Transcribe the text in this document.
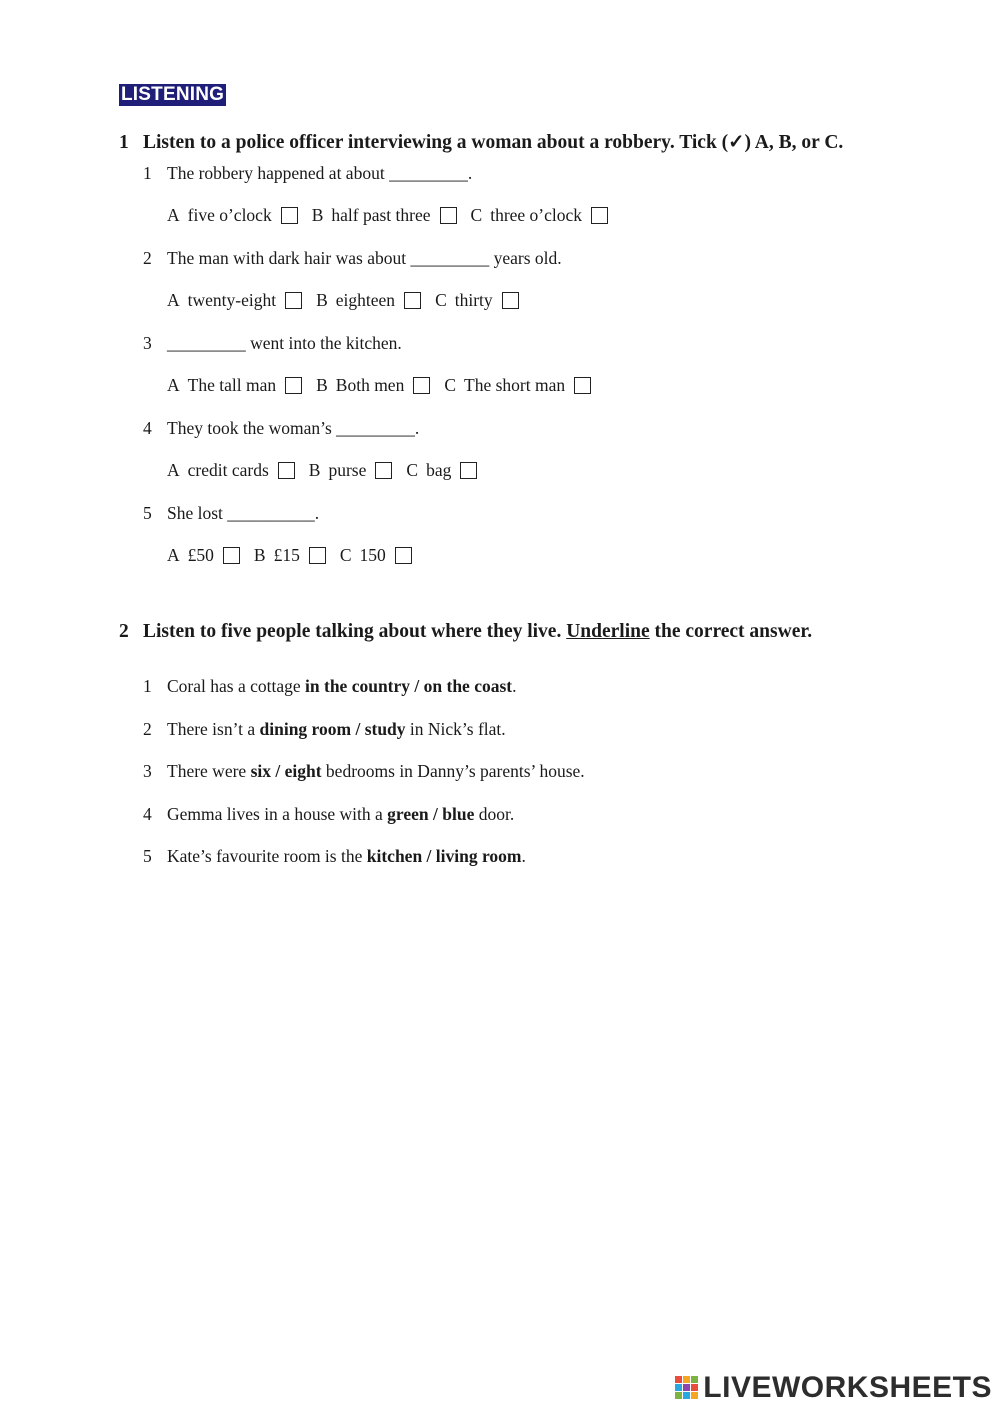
LISTENING
1 Listen to a police officer interviewing a woman about a robbery. Tick (✓) A, B, or C.
1 The robbery happened at about _________.
A five o’clock B half past three C three o’clock
2 The man with dark hair was about _________ years old.
A twenty-eight B eighteen C thirty
3 _________ went into the kitchen.
A The tall man B Both men C The short man
4 They took the woman’s _________.
A credit cards B purse C bag
5 She lost __________.
A £50 B £15 C 150
2 Listen to five people talking about where they live. Underline the correct answer.
1 Coral has a cottage in the country / on the coast.
2 There isn’t a dining room / study in Nick’s flat.
3 There were six / eight bedrooms in Danny’s parents’ house.
4 Gemma lives in a house with a green / blue door.
5 Kate’s favourite room is the kitchen / living room.
LIVEWORKSHEETS
